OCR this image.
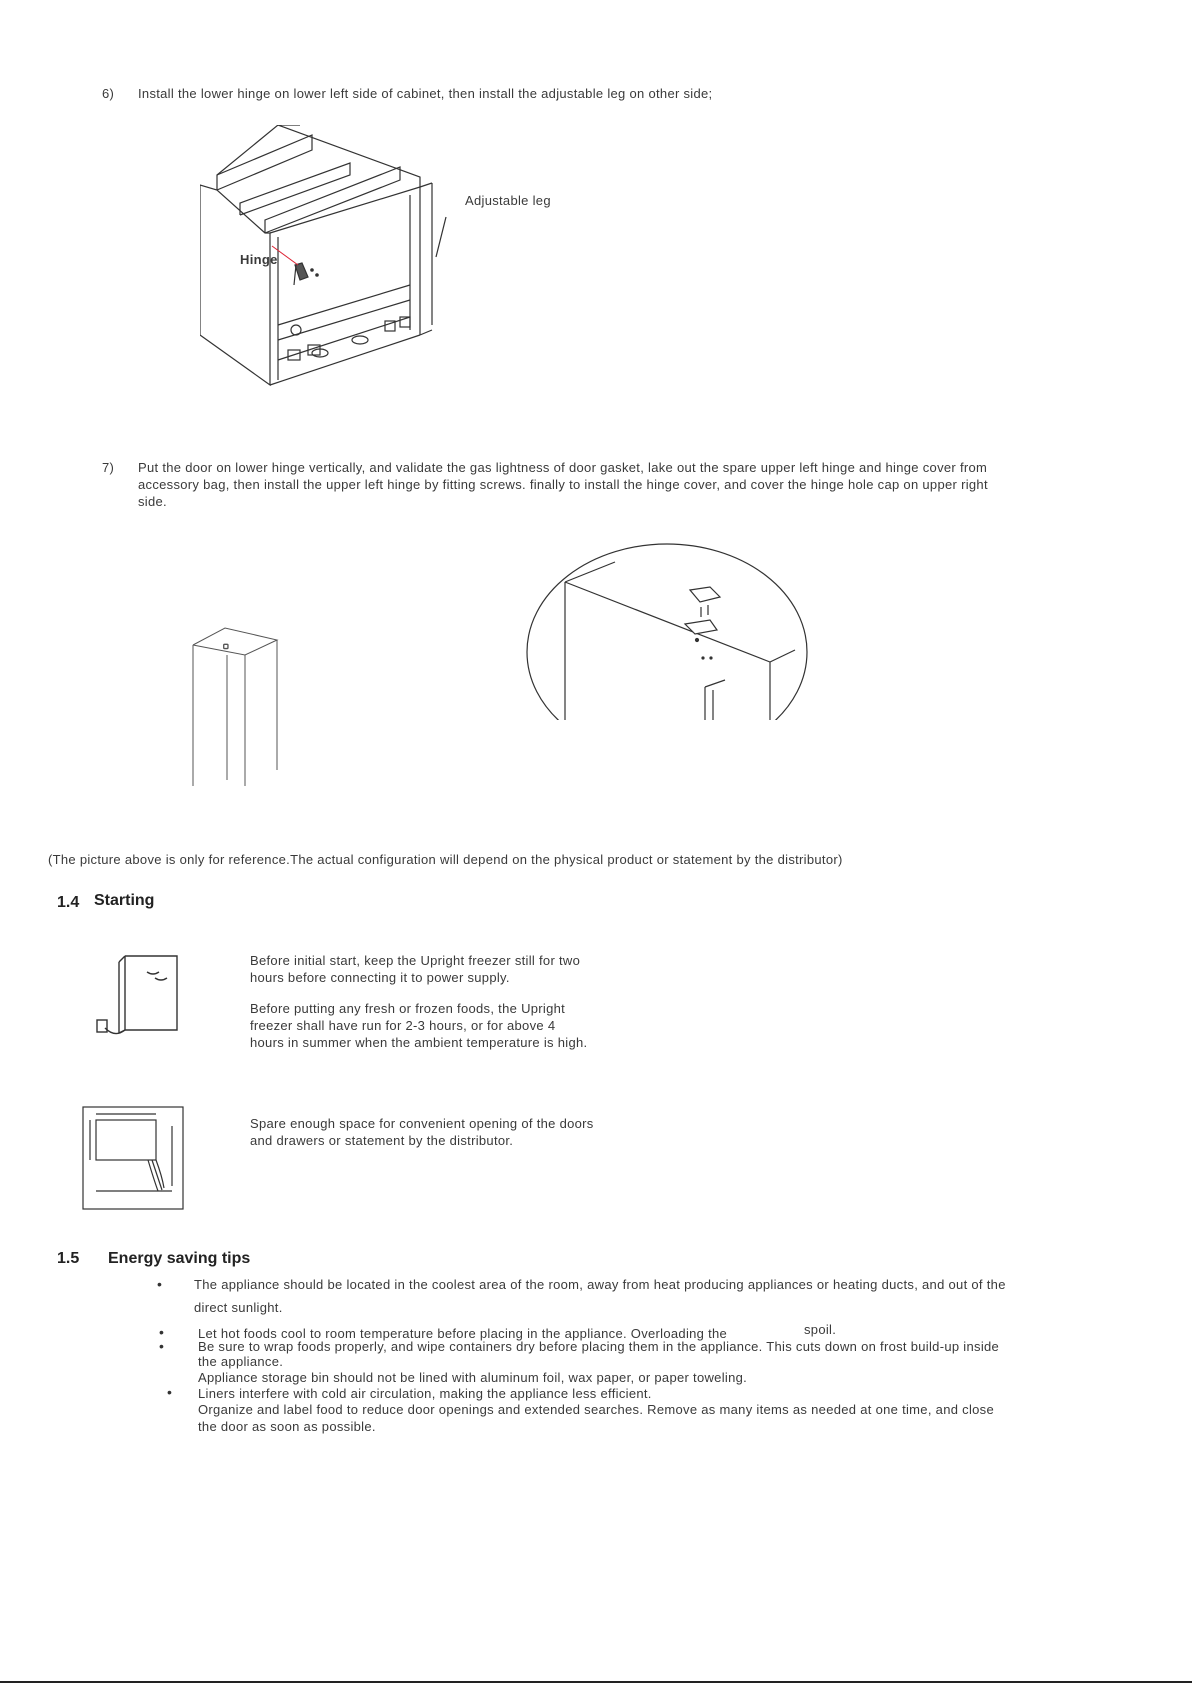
6) Install the lower hinge on lower left side of cabinet, then install the adjustable leg on other side;
Adjustable leg
Hinge
7) Put the door on lower hinge vertically, and validate the gas lightness of door gasket, lake out the spare upper left hinge and hinge cover from
accessory bag, then install the upper left hinge by fitting screws. finally to install the hinge cover, and cover the hinge hole cap on upper right
side.
▢
(The picture above is only for reference.The actual configuration will depend on the physical product or statement by the distributor)
1.4 Starting
Before initial start, keep the Upright freezer still for two
hours before connecting it to power supply.
Before putting any fresh or frozen foods, the Upright
freezer shall have run for 2-3 hours, or for above 4
hours in summer when the ambient temperature is high.
Spare enough space for convenient opening of the doors
and drawers or statement by the distributor.
1.5 Energy saving tips
• The appliance should be located in the coolest area of the room, away from heat producing appliances or heating ducts, and out of the
direct sunlight.
•	Let hot foods cool to room temperature before placing in the appliance. Overloading the	spoil.
•	Be sure to wrap foods properly, and wipe containers dry before placing them in the appliance. This cuts down on frost build-up inside
the appliance.
Appliance storage bin should not be lined with aluminum foil, wax paper, or paper toweling.
• Liners interfere with cold air circulation, making the appliance less efficient.
Organize and label food to reduce door openings and extended searches. Remove as many items as needed at one time, and close
the door as soon as possible.
